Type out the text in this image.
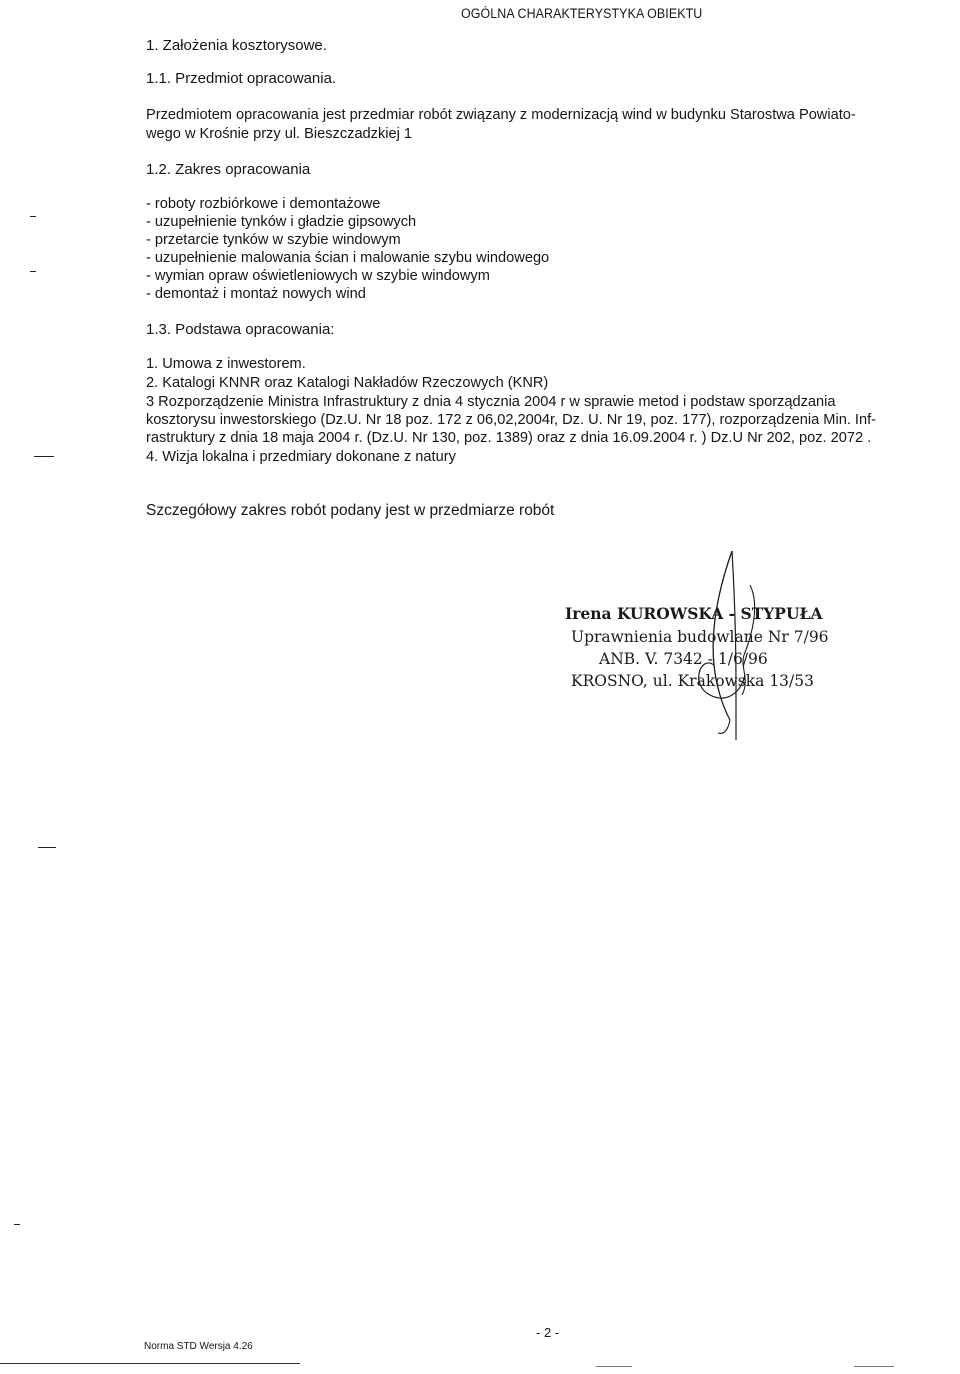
OGÓLNA CHARAKTERYSTYKA OBIEKTU
1. Założenia kosztorysowe.
1.1. Przedmiot opracowania.
Przedmiotem opracowania jest przedmiar robót związany z modernizacją wind w budynku Starostwa Powiato-
wego w Krośnie przy ul. Bieszczadzkiej 1
1.2. Zakres opracowania
- roboty rozbiórkowe i demontażowe
- uzupełnienie tynków i gładzie gipsowych
- przetarcie tynków w szybie windowym
- uzupełnienie malowania ścian i malowanie szybu windowego
- wymian opraw oświetleniowych w szybie windowym
- demontaż i montaż nowych wind
1.3. Podstawa opracowania:
1. Umowa z inwestorem.
2. Katalogi KNNR oraz Katalogi Nakładów Rzeczowych (KNR)
3 Rozporządzenie Ministra Infrastruktury z dnia 4 stycznia 2004 r w sprawie metod i podstaw sporządzania
kosztorysu inwestorskiego (Dz.U. Nr 18 poz. 172 z 06,02,2004r, Dz. U. Nr 19, poz. 177), rozporządzenia Min. Inf-
rastruktury z dnia 18 maja 2004 r. (Dz.U. Nr 130, poz. 1389) oraz z dnia 16.09.2004 r. ) Dz.U Nr 202, poz. 2072 .
4. Wizja lokalna i przedmiary dokonane z natury
Szczegółowy zakres robót podany jest w przedmiarze robót
Irena KUROWSKA - STYPUŁA
Uprawnienia budowlane Nr 7/96
ANB. V. 7342 - 1/6/96
KROSNO, ul. Krakowska 13/53
Norma STD Wersja 4.26
- 2 -
